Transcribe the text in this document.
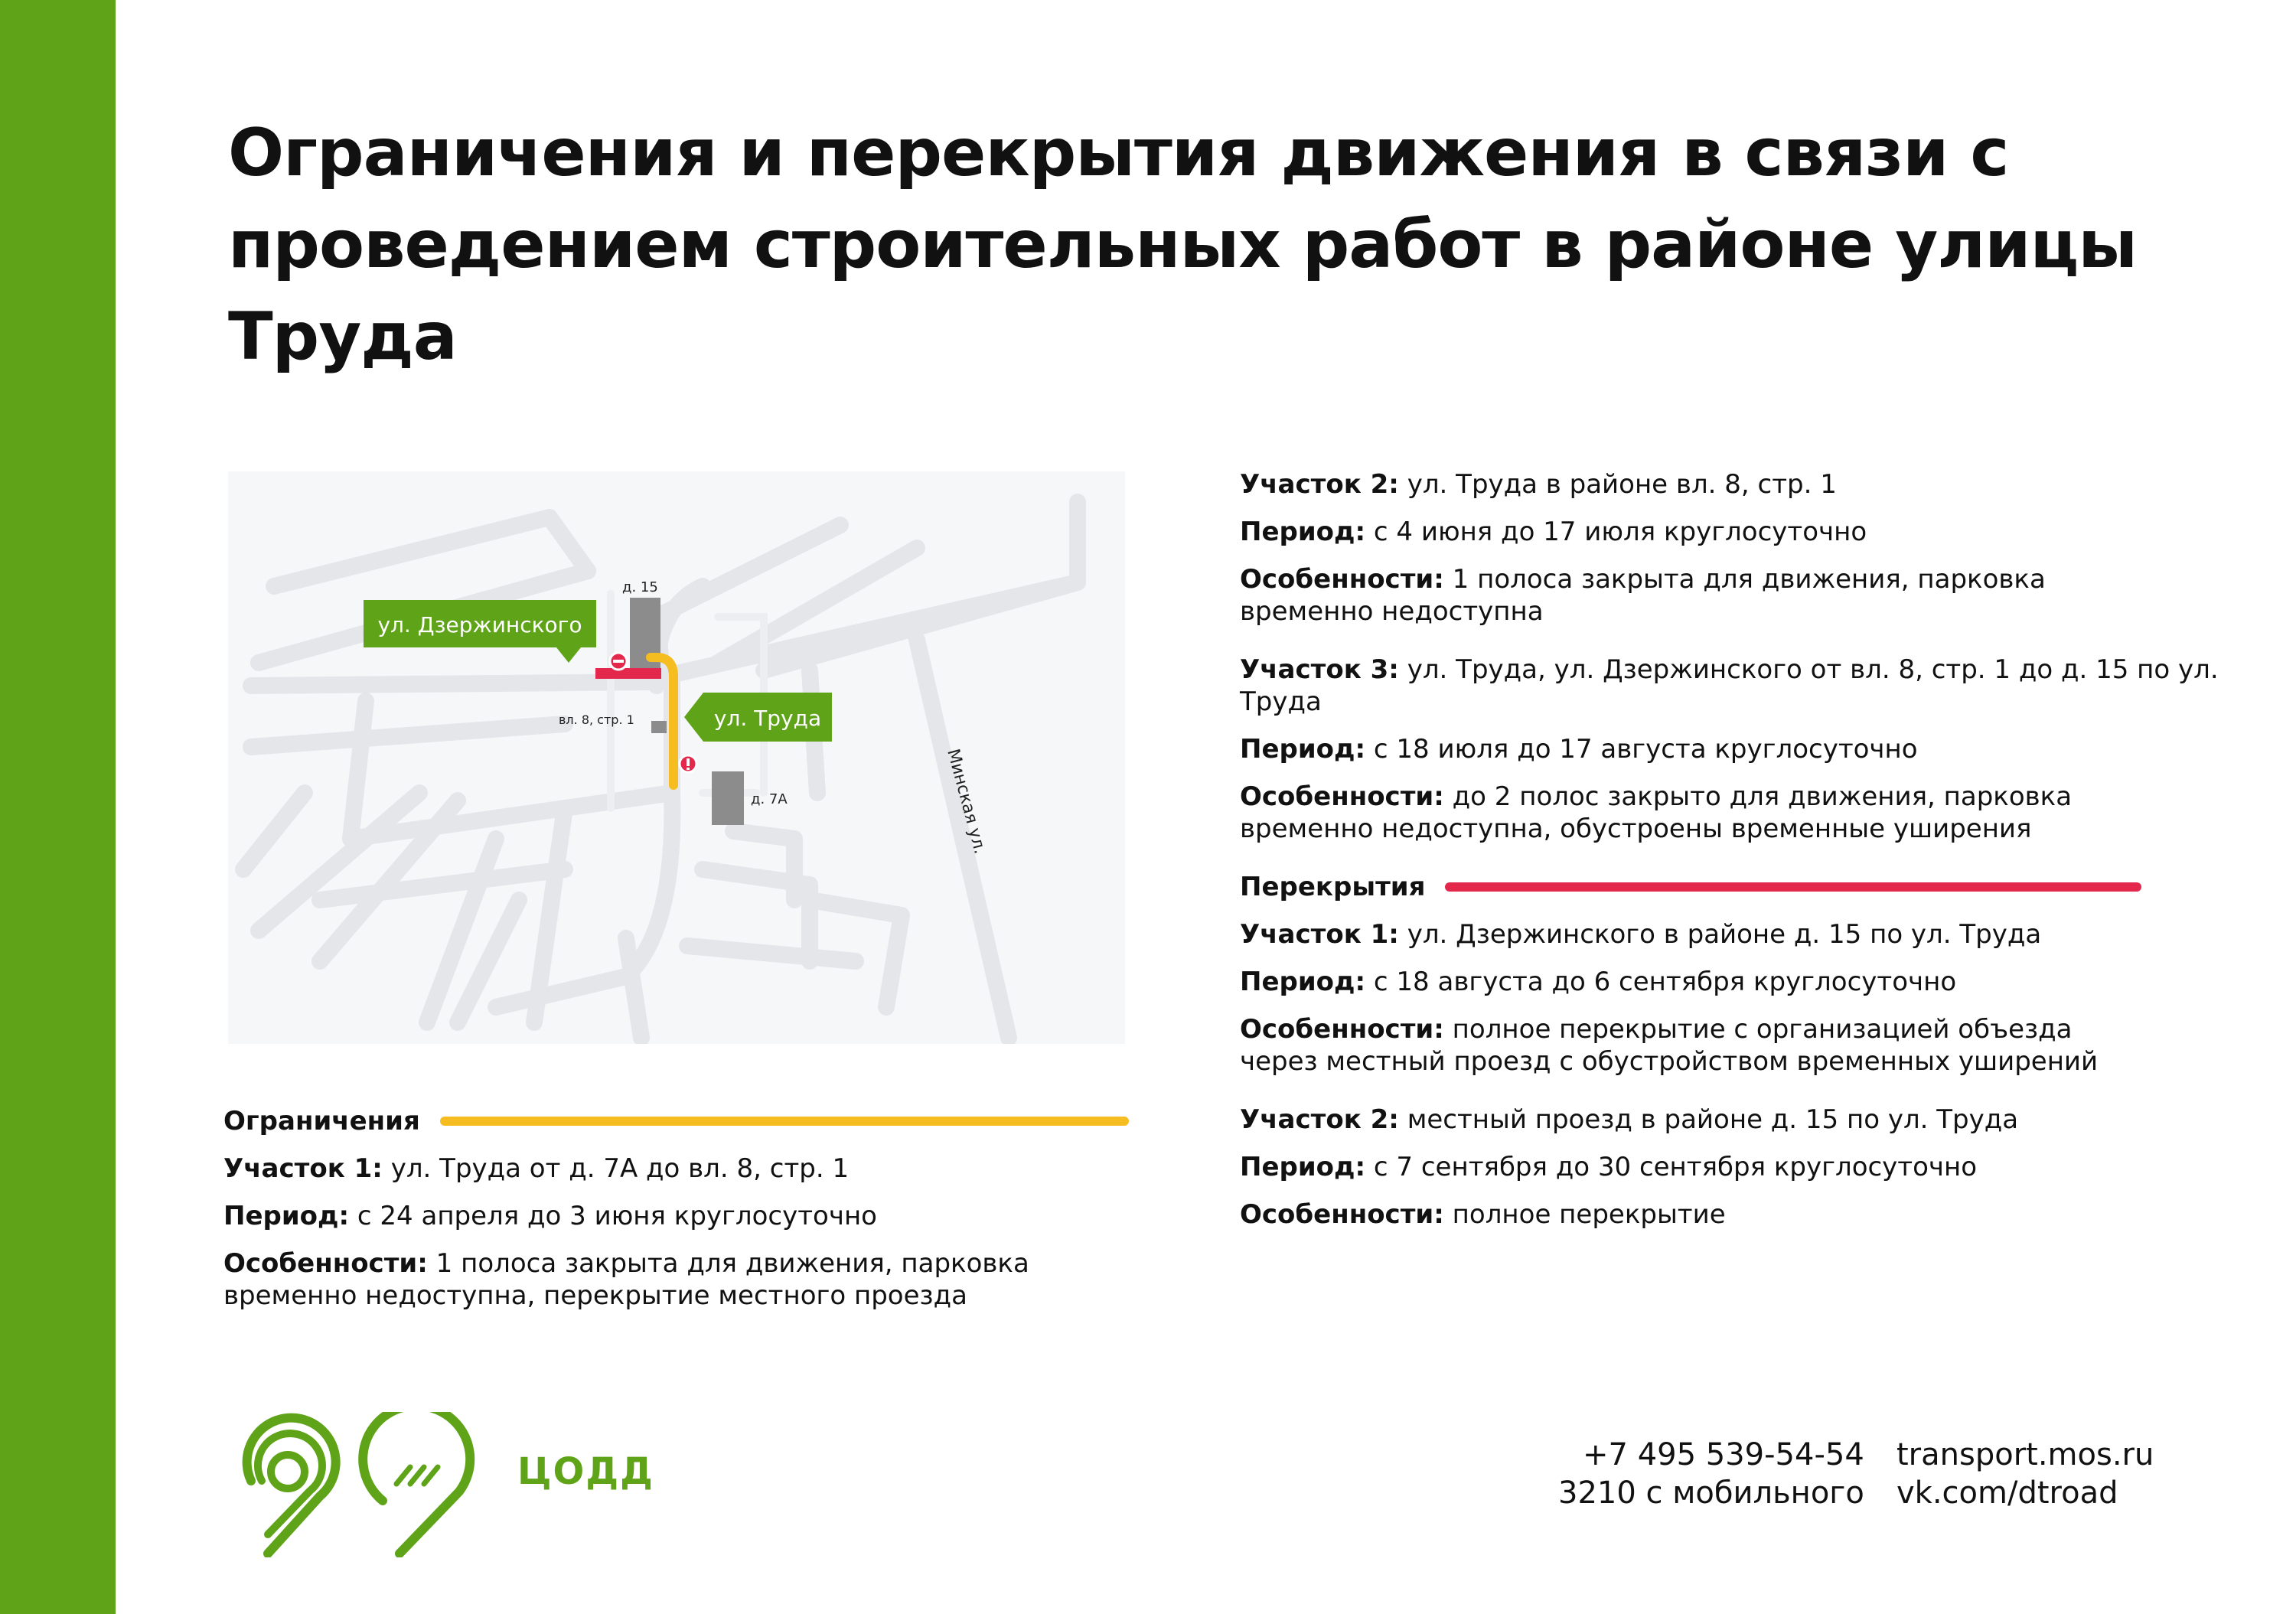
Ограничения и перекрытия движения в связи с проведением строительных работ в районе улицы Труда
ул. Дзержинского
ул. Труда
д. 15
вл. 8, стр. 1
д. 7А	Минская ул.
Ограничения

Участок 1: ул. Труда от д. 7А до вл. 8, стр. 1

Период: с 24 апреля до 3 июня круглосуточно

Особенности: 1 полоса закрыта для движения, парковка временно недоступна, перекрытие местного проезда

Участок 2: ул. Труда в районе вл. 8, стр. 1

Период: с 4 июня до 17 июля круглосуточно

Особенности: 1 полоса закрыта для движения, парковка временно недоступна

Участок 3: ул. Труда, ул. Дзержинского от вл. 8, стр. 1 до д. 15 по ул. Труда

Период: с 18 июля до 17 августа круглосуточно

Особенности: до 2 полос закрыто для движения, парковка временно недоступна, обустроены временные уширения

Перекрытия

Участок 1: ул. Дзержинского в районе д. 15 по ул. Труда

Период: с 18 августа до 6 сентября круглосуточно

Особенности: полное перекрытие с организацией объезда через местный проезд с обустройством временных уширений

Участок 2: местный проезд в районе д. 15 по ул. Труда

Период: с 7 сентября до 30 сентября круглосуточно

Особенности: полное перекрытие

ЦОДД	+7 495 539-54-54
3210 с мобильного
transport.mos.ru
vk.com/dtroad
